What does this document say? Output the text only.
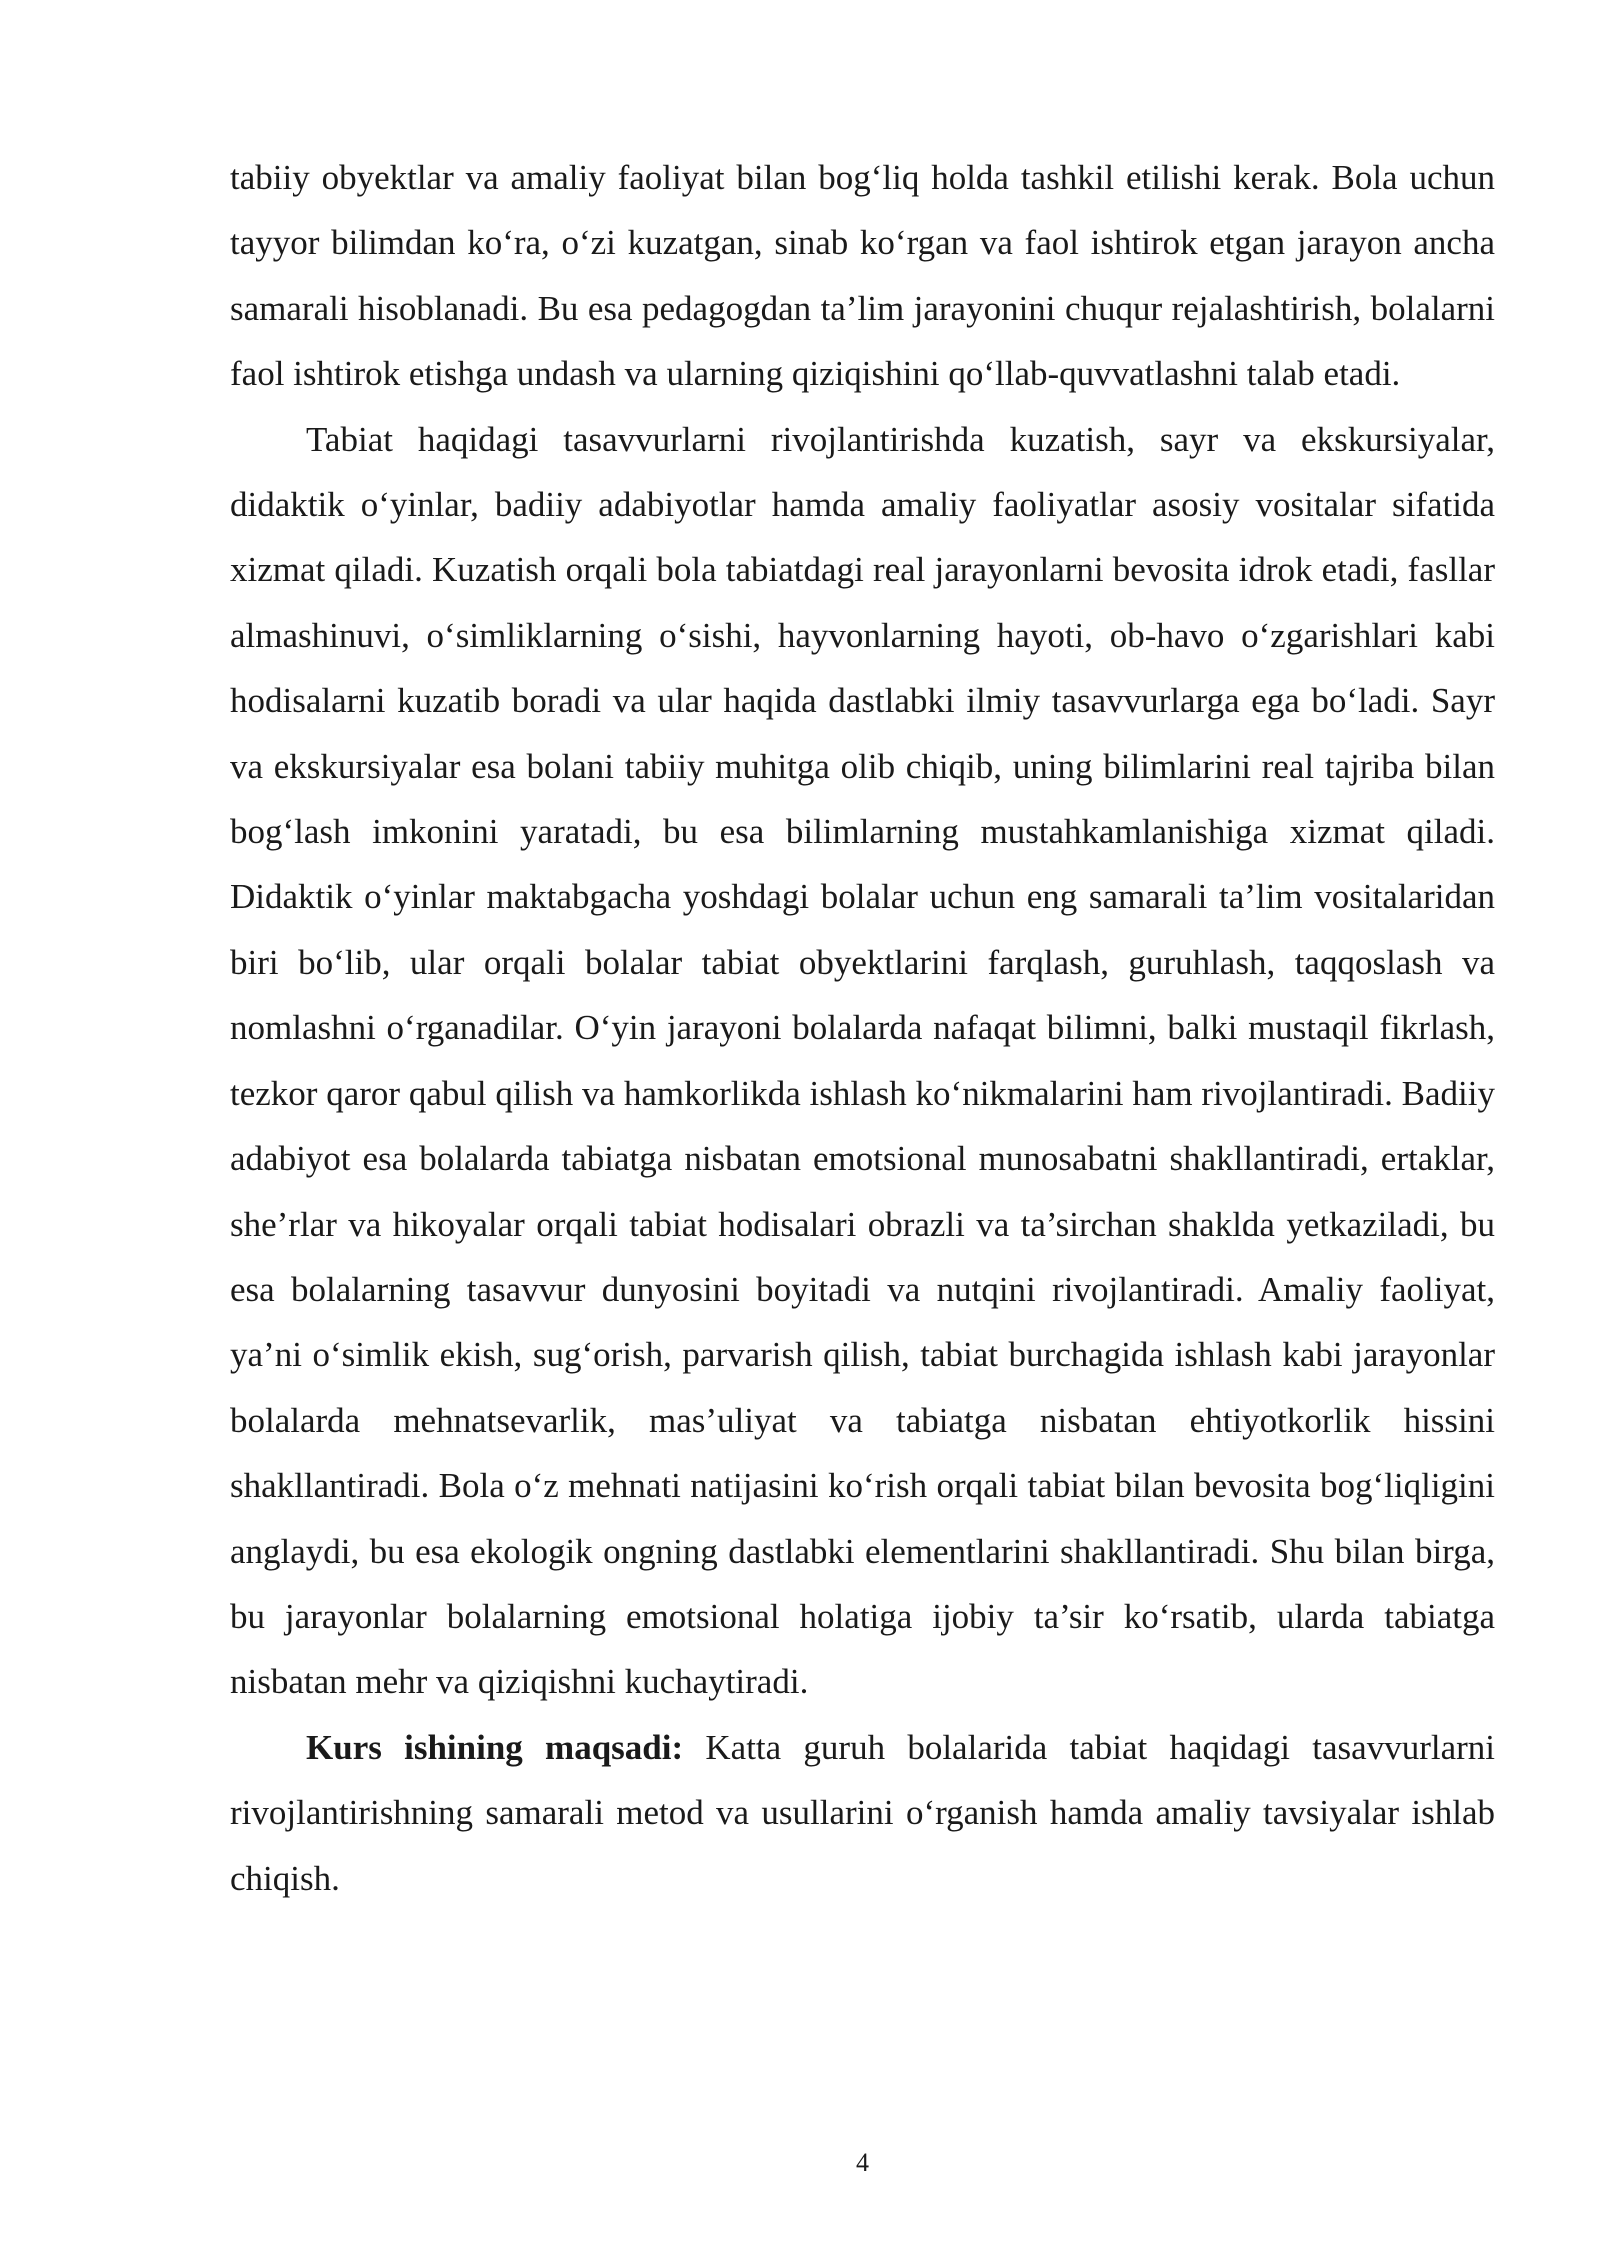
tabiiy obyektlar va amaliy faoliyat bilan bog‘liq holda tashkil etilishi kerak. Bola uchun tayyor bilimdan ko‘ra, o‘zi kuzatgan, sinab ko‘rgan va faol ishtirok etgan jarayon ancha samarali hisoblanadi. Bu esa pedagogdan ta’lim jarayonini chuqur rejalashtirish, bolalarni faol ishtirok etishga undash va ularning qiziqishini qo‘llab-quvvatlashni talab etadi.

Tabiat haqidagi tasavvurlarni rivojlantirishda kuzatish, sayr va ekskursiyalar, didaktik o‘yinlar, badiiy adabiyotlar hamda amaliy faoliyatlar asosiy vositalar sifatida xizmat qiladi. Kuzatish orqali bola tabiatdagi real jarayonlarni bevosita idrok etadi, fasllar almashinuvi, o‘simliklarning o‘sishi, hayvonlarning hayoti, ob-havo o‘zgarishlari kabi hodisalarni kuzatib boradi va ular haqida dastlabki ilmiy tasavvurlarga ega bo‘ladi. Sayr va ekskursiyalar esa bolani tabiiy muhitga olib chiqib, uning bilimlarini real tajriba bilan bog‘lash imkonini yaratadi, bu esa bilimlarning mustahkamlanishiga xizmat qiladi. Didaktik o‘yinlar maktabgacha yoshdagi bolalar uchun eng samarali ta’lim vositalaridan biri bo‘lib, ular orqali bolalar tabiat obyektlarini farqlash, guruhlash, taqqoslash va nomlashni o‘rganadilar. O‘yin jarayoni bolalarda nafaqat bilimni, balki mustaqil fikrlash, tezkor qaror qabul qilish va hamkorlikda ishlash ko‘nikmalarini ham rivojlantiradi. Badiiy adabiyot esa bolalarda tabiatga nisbatan emotsional munosabatni shakllantiradi, ertaklar, she’rlar va hikoyalar orqali tabiat hodisalari obrazli va ta’sirchan shaklda yetkaziladi, bu esa bolalarning tasavvur dunyosini boyitadi va nutqini rivojlantiradi. Amaliy faoliyat, ya’ni o‘simlik ekish, sug‘orish, parvarish qilish, tabiat burchagida ishlash kabi jarayonlar bolalarda mehnatsevarlik, mas’uliyat va tabiatga nisbatan ehtiyotkorlik hissini shakllantiradi. Bola o‘z mehnati natijasini ko‘rish orqali tabiat bilan bevosita bog‘liqligini anglaydi, bu esa ekologik ongning dastlabki elementlarini shakllantiradi. Shu bilan birga, bu jarayonlar bolalarning emotsional holatiga ijobiy ta’sir ko‘rsatib, ularda tabiatga nisbatan mehr va qiziqishni kuchaytiradi.

Kurs ishining maqsadi: Katta guruh bolalarida tabiat haqidagi tasavvurlarni rivojlantirishning samarali metod va usullarini o‘rganish hamda amaliy tavsiyalar ishlab chiqish.

4
